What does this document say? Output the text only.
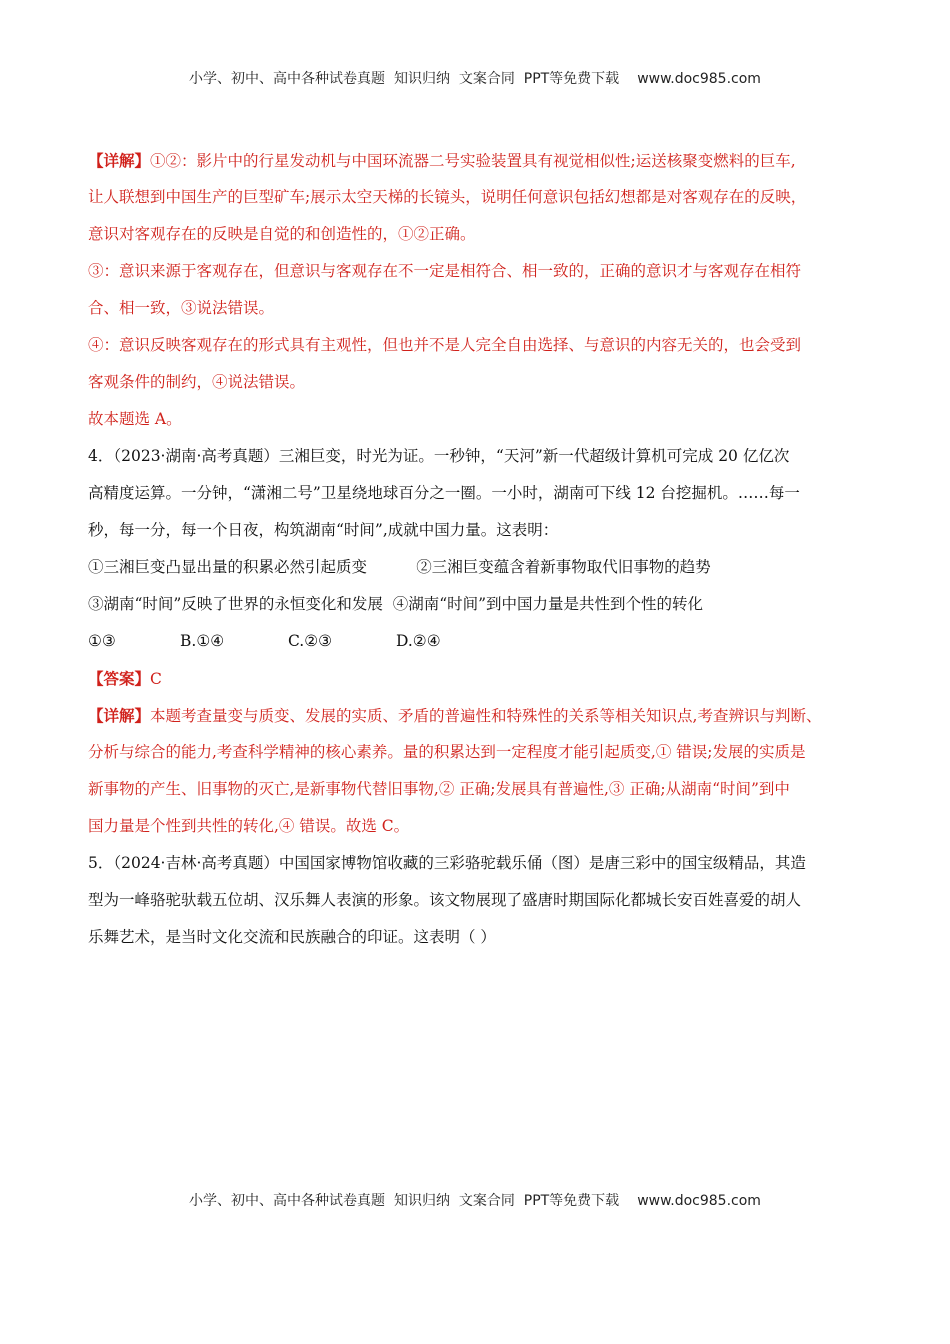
小学、初中、高中各种试卷真题  知识归纳  文案合同  PPT等免费下载 www.doc985.com
【详解】①②：影片中的行星发动机与中国环流器二号实验装置具有视觉相似性;运送核聚变燃料的巨车,
让人联想到中国生产的巨型矿车;展示太空天梯的长镜头，说明任何意识包括幻想都是对客观存在的反映，
意识对客观存在的反映是自觉的和创造性的，①②正确。
③：意识来源于客观存在，但意识与客观存在不一定是相符合、相一致的，正确的意识才与客观存在相符
合、相一致，③说法错误。
④：意识反映客观存在的形式具有主观性，但也并不是人完全自由选择、与意识的内容无关的，也会受到
客观条件的制约，④说法错误。
故本题选 A。
4．（2023·湖南·高考真题）三湘巨变，时光为证。一秒钟，“天河”新一代超级计算机可完成 20 亿亿次
高精度运算。一分钟，“潇湘二号”卫星绕地球百分之一圈。一小时，湖南可下线 12 台挖掘机。……每一
秒，每一分，每一个日夜，构筑湖南“时间”,成就中国力量。这表明：
①三湘巨变凸显出量的积累必然引起质变          ②三湘巨变蕴含着新事物取代旧事物的趋势
③湖南“时间”反映了世界的永恒变化和发展  ④湖南“时间”到中国力量是共性到个性的转化
①③	B.①④	C.②③	D.②④
【答案】C
【详解】本题考查量变与质变、发展的实质、矛盾的普遍性和特殊性的关系等相关知识点,考查辨识与判断、
分析与综合的能力,考查科学精神的核心素养。量的积累达到一定程度才能引起质变,① 错误;发展的实质是
新事物的产生、旧事物的灭亡,是新事物代替旧事物,② 正确;发展具有普遍性,③ 正确;从湖南“时间”到中
国力量是个性到共性的转化,④ 错误。故选 C。
5．（2024·吉林·高考真题）中国国家博物馆收藏的三彩骆驼载乐俑（图）是唐三彩中的国宝级精品，其造
型为一峰骆驼驮载五位胡、汉乐舞人表演的形象。该文物展现了盛唐时期国际化都城长安百姓喜爱的胡人
乐舞艺术，是当时文化交流和民族融合的印证。这表明（ ）
小学、初中、高中各种试卷真题  知识归纳  文案合同  PPT等免费下载 www.doc985.com
